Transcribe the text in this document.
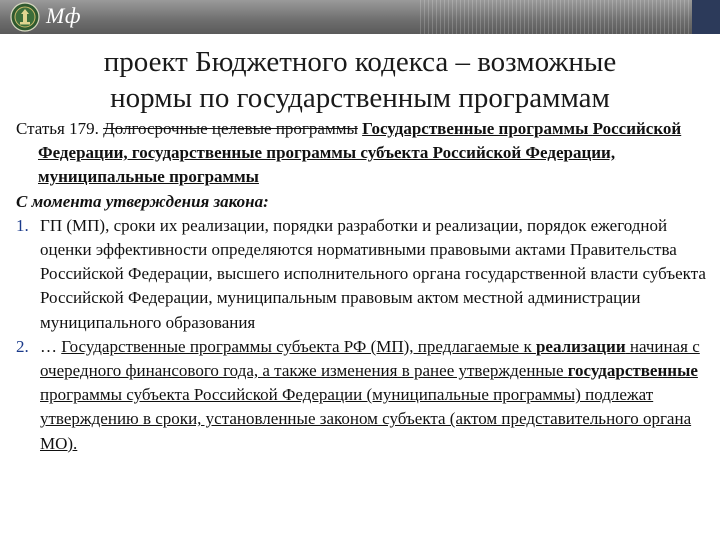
Мф
проект Бюджетного кодекса – возможные
нормы по государственным программам

Статья 179. Долгосрочные целевые программы Государственные программы Российской Федерации, государственные программы субъекта Российской Федерации, муниципальные программы

С момента утверждения закона:

1. ГП (МП), сроки их реализации, порядки разработки и реализации, порядок ежегодной оценки эффективности определяются нормативными правовыми актами Правительства Российской Федерации, высшего исполнительного органа государственной власти субъекта Российской Федерации, муниципальным правовым актом местной администрации муниципального образования
2. … Государственные программы субъекта РФ (МП), предлагаемые к реализации начиная с очередного финансового года, а также изменения в ранее утвержденные государственные программы субъекта Российской Федерации (муниципальные программы) подлежат утверждению в сроки, установленные законом субъекта (актом представительного органа МО).
